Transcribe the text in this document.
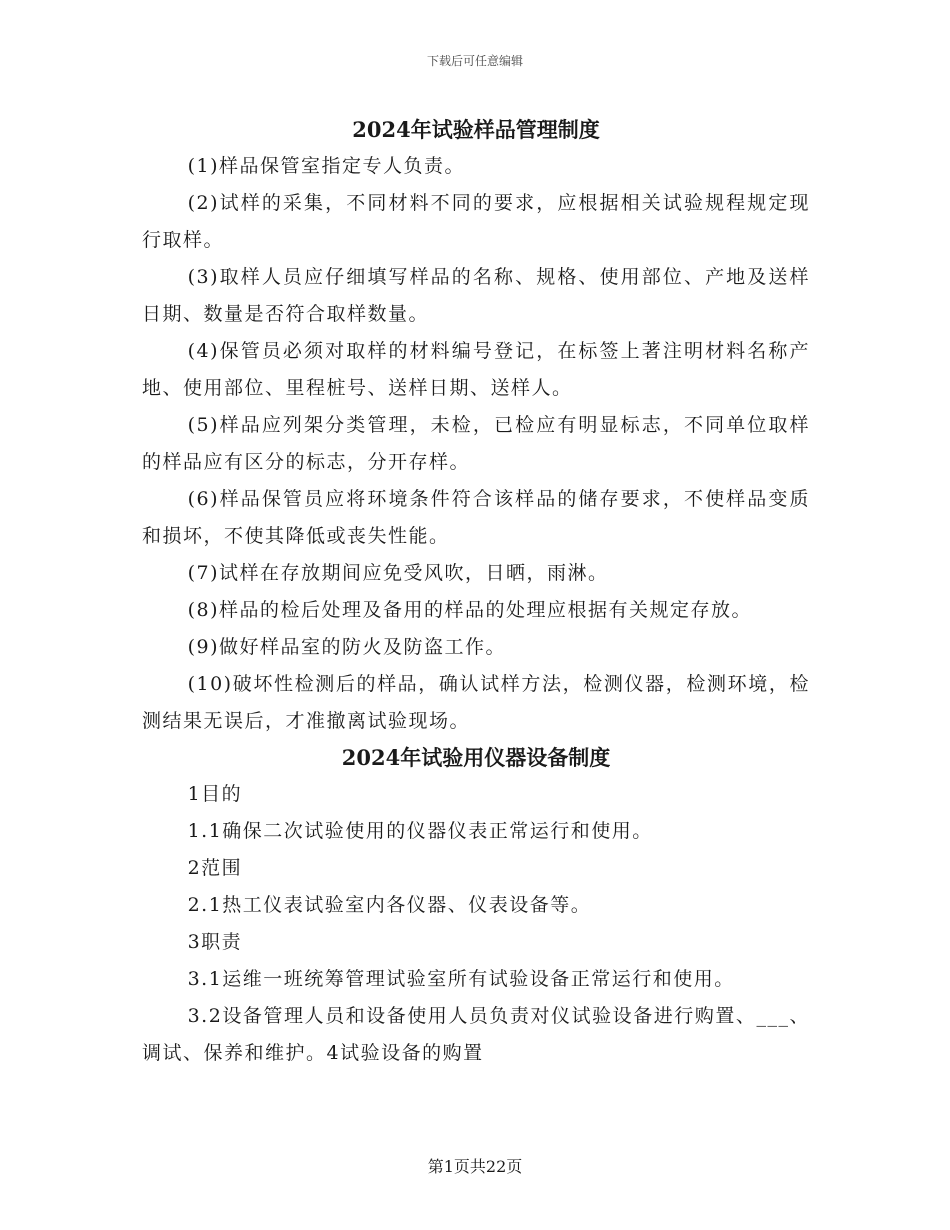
下载后可任意编辑
2024年试验样品管理制度

(1)样品保管室指定专人负责。

(2)试样的采集，不同材料不同的要求，应根据相关试验规程规定现行取样。

(3)取样人员应仔细填写样品的名称、规格、使用部位、产地及送样日期、数量是否符合取样数量。

(4)保管员必须对取样的材料编号登记，在标签上著注明材料名称产地、使用部位、里程桩号、送样日期、送样人。

(5)样品应列架分类管理，未检，已检应有明显标志，不同单位取样的样品应有区分的标志，分开存样。

(6)样品保管员应将环境条件符合该样品的储存要求，不使样品变质和损坏，不使其降低或丧失性能。

(7)试样在存放期间应免受风吹，日晒，雨淋。

(8)样品的检后处理及备用的样品的处理应根据有关规定存放。

(9)做好样品室的防火及防盗工作。

(10)破坏性检测后的样品，确认试样方法，检测仪器，检测环境，检测结果无误后，才准撤离试验现场。

2024年试验用仪器设备制度

1目的

1.1确保二次试验使用的仪器仪表正常运行和使用。

2范围

2.1热工仪表试验室内各仪器、仪表设备等。

3职责

3.1运维一班统筹管理试验室所有试验设备正常运行和使用。

3.2设备管理人员和设备使用人员负责对仪试验设备进行购置、___、调试、保养和维护。4试验设备的购置

第1页共22页
